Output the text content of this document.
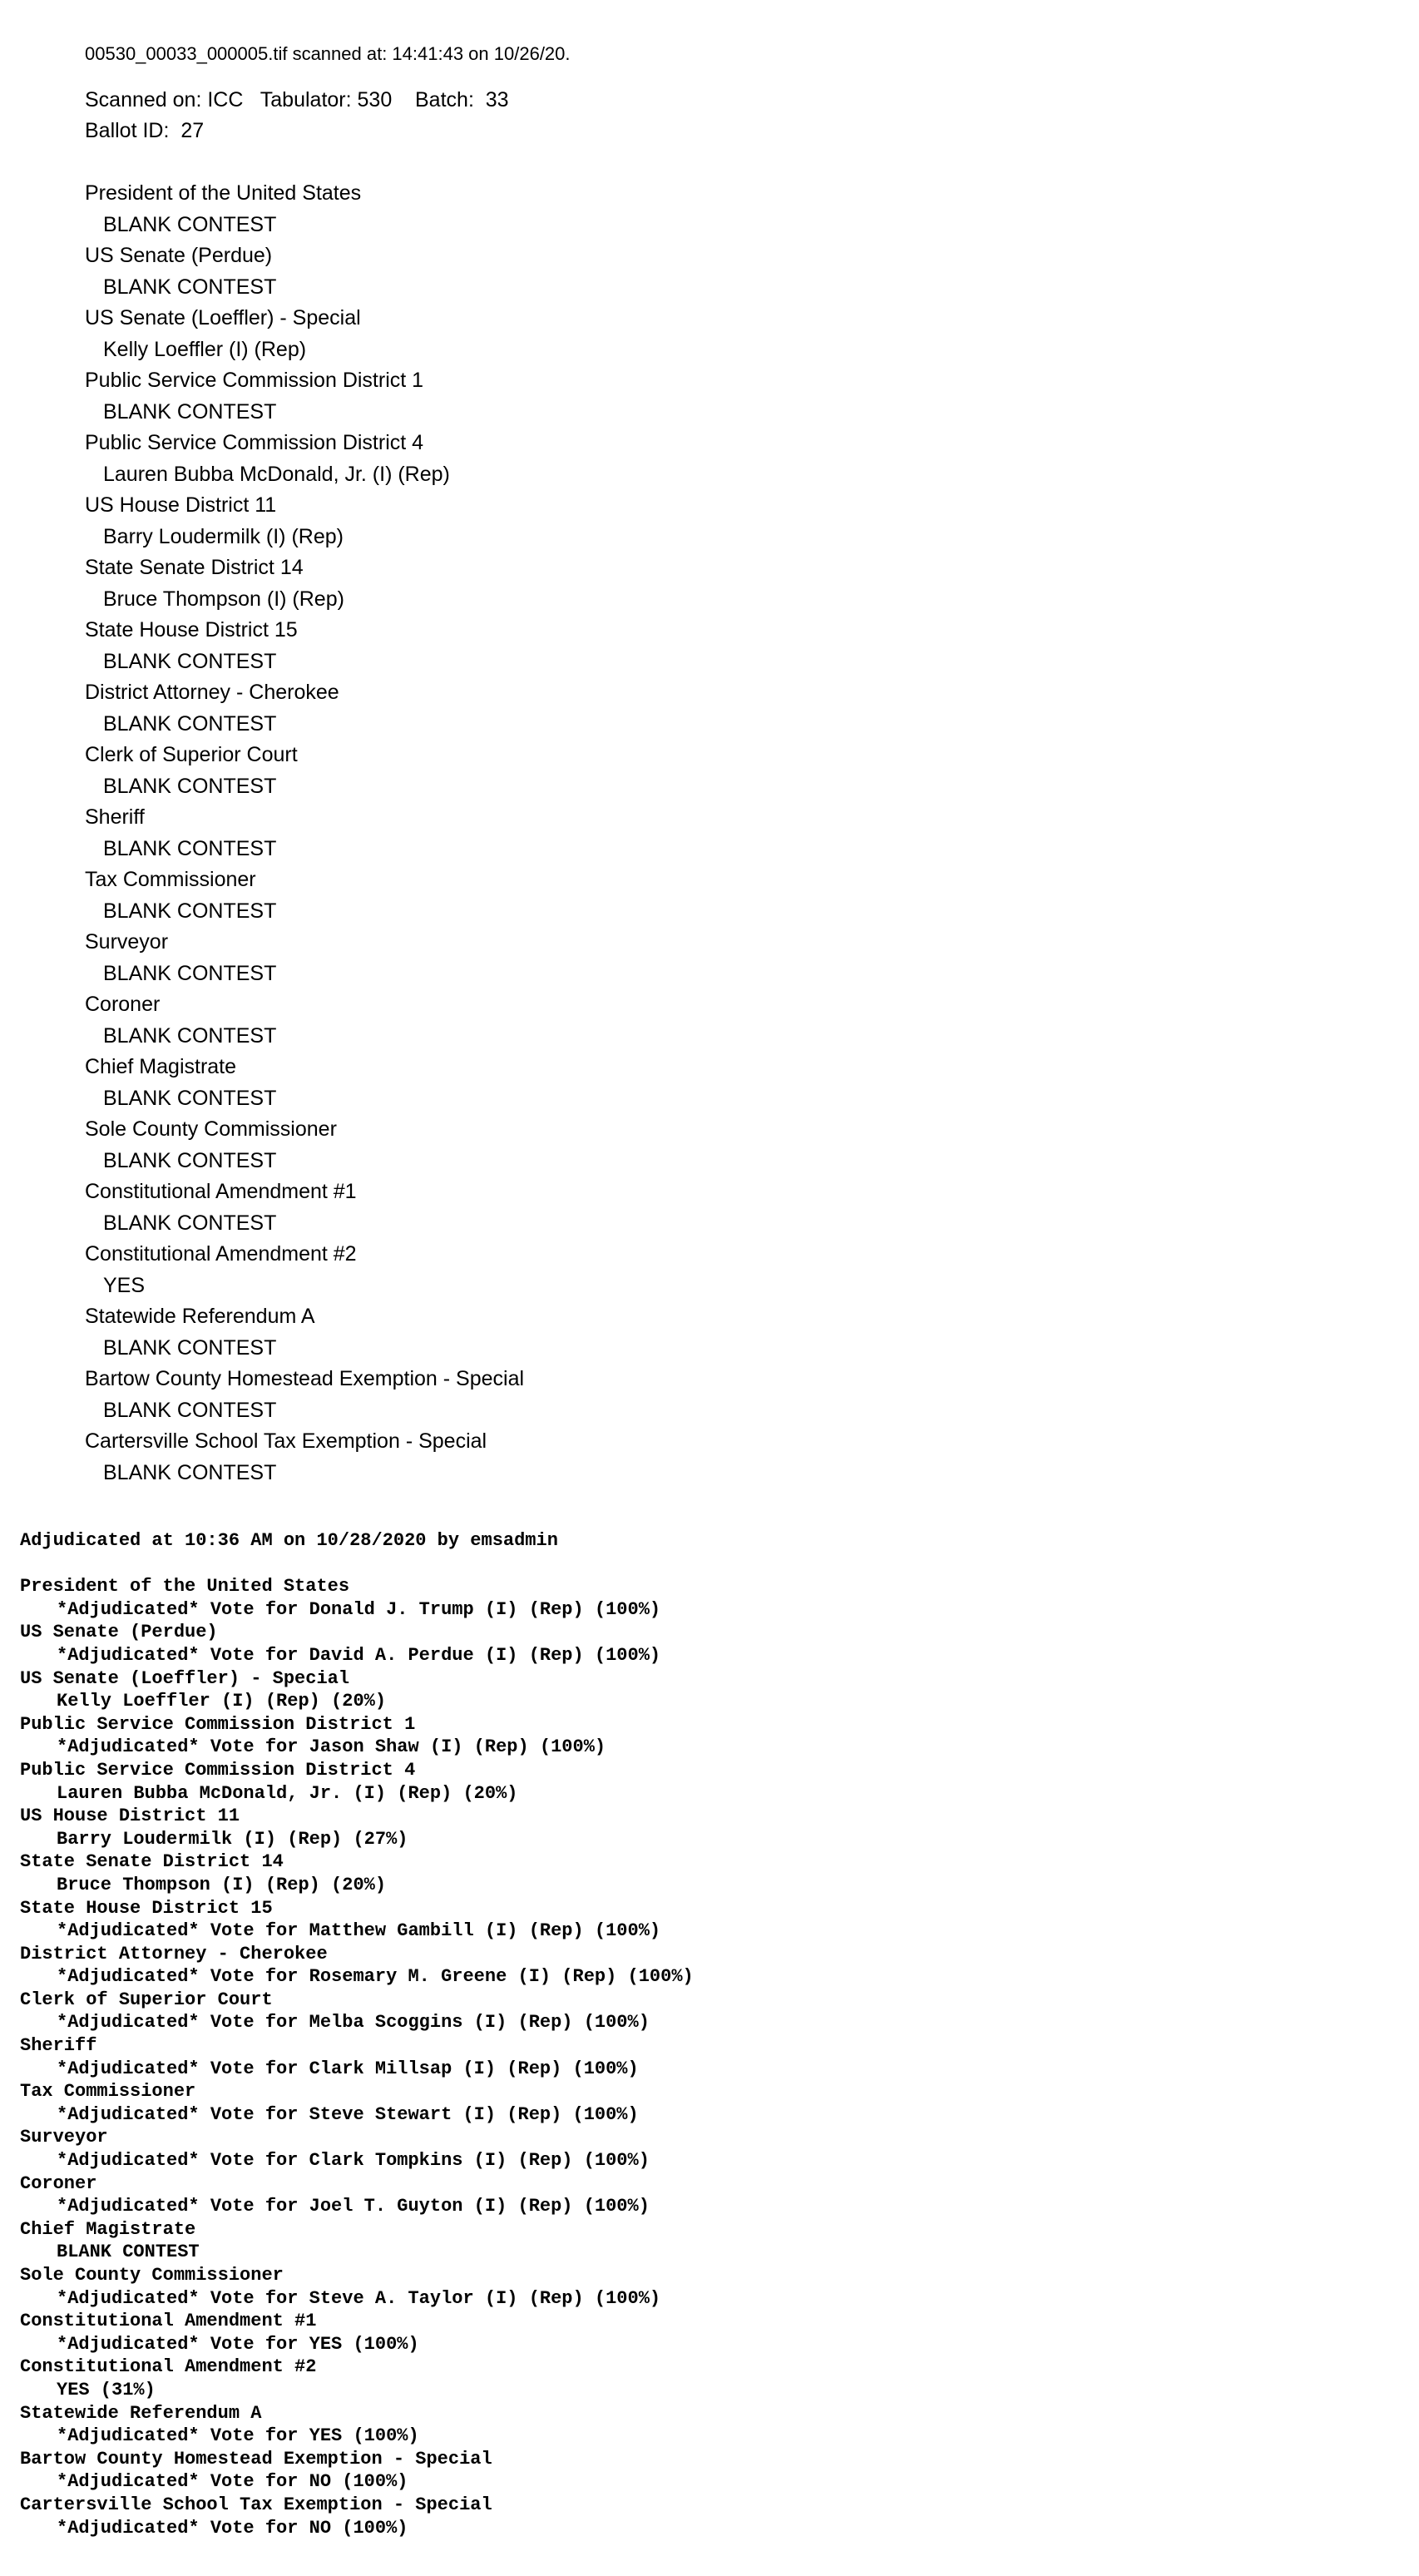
00530_00033_000005.tif scanned at: 14:41:43 on 10/26/20.
Scanned on: ICC   Tabulator: 530    Batch:  33
Ballot ID:  27
President of the United States
BLANK CONTEST
US Senate (Perdue)
BLANK CONTEST
US Senate (Loeffler) - Special
Kelly Loeffler (I) (Rep)
Public Service Commission District 1
BLANK CONTEST
Public Service Commission District 4
Lauren Bubba McDonald, Jr. (I) (Rep)
US House District 11
Barry Loudermilk (I) (Rep)
State Senate District 14
Bruce Thompson (I) (Rep)
State House District 15
BLANK CONTEST
District Attorney - Cherokee
BLANK CONTEST
Clerk of Superior Court
BLANK CONTEST
Sheriff
BLANK CONTEST
Tax Commissioner
BLANK CONTEST
Surveyor
BLANK CONTEST
Coroner
BLANK CONTEST
Chief Magistrate
BLANK CONTEST
Sole County Commissioner
BLANK CONTEST
Constitutional Amendment #1
BLANK CONTEST
Constitutional Amendment #2
YES
Statewide Referendum A
BLANK CONTEST
Bartow County Homestead Exemption - Special
BLANK CONTEST
Cartersville School Tax Exemption - Special
BLANK CONTEST
Adjudicated at 10:36 AM on 10/28/2020 by emsadmin
President of the United States
*Adjudicated* Vote for Donald J. Trump (I) (Rep) (100%)
US Senate (Perdue)
*Adjudicated* Vote for David A. Perdue (I) (Rep) (100%)
US Senate (Loeffler) - Special
Kelly Loeffler (I) (Rep) (20%)
Public Service Commission District 1
*Adjudicated* Vote for Jason Shaw (I) (Rep) (100%)
Public Service Commission District 4
Lauren Bubba McDonald, Jr. (I) (Rep) (20%)
US House District 11
Barry Loudermilk (I) (Rep) (27%)
State Senate District 14
Bruce Thompson (I) (Rep) (20%)
State House District 15
*Adjudicated* Vote for Matthew Gambill (I) (Rep) (100%)
District Attorney - Cherokee
*Adjudicated* Vote for Rosemary M. Greene (I) (Rep) (100%)
Clerk of Superior Court
*Adjudicated* Vote for Melba Scoggins (I) (Rep) (100%)
Sheriff
*Adjudicated* Vote for Clark Millsap (I) (Rep) (100%)
Tax Commissioner
*Adjudicated* Vote for Steve Stewart (I) (Rep) (100%)
Surveyor
*Adjudicated* Vote for Clark Tompkins (I) (Rep) (100%)
Coroner
*Adjudicated* Vote for Joel T. Guyton (I) (Rep) (100%)
Chief Magistrate
BLANK CONTEST
Sole County Commissioner
*Adjudicated* Vote for Steve A. Taylor (I) (Rep) (100%)
Constitutional Amendment #1
*Adjudicated* Vote for YES (100%)
Constitutional Amendment #2
YES (31%)
Statewide Referendum A
*Adjudicated* Vote for YES (100%)
Bartow County Homestead Exemption - Special
*Adjudicated* Vote for NO (100%)
Cartersville School Tax Exemption - Special
*Adjudicated* Vote for NO (100%)
